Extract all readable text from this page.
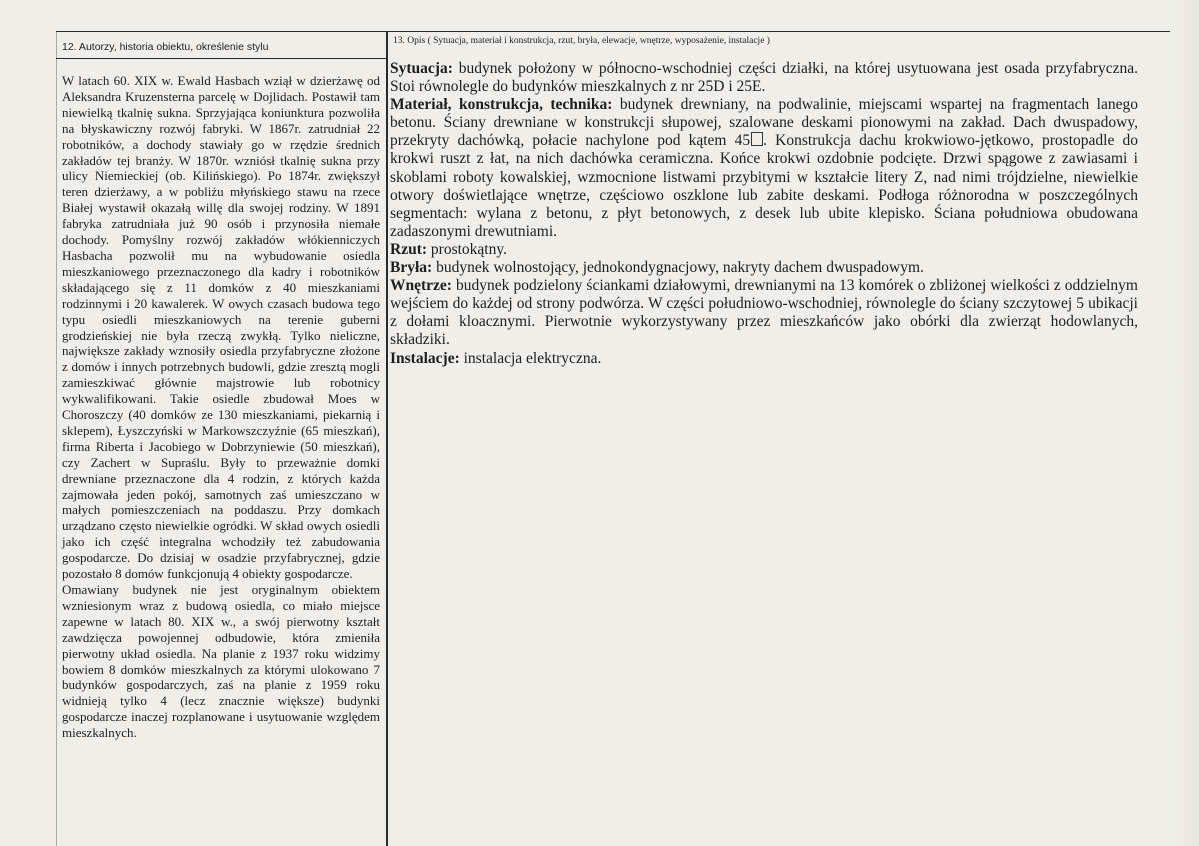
12. Autorzy, historia obiektu, określenie stylu	13. Opis ( Sytuacja, materiał i konstrukcja, rzut, bryła, elewacje, wnętrze, wyposażenie, instalacje )

W latach 60. XIX w. Ewald Hasbach wziął w dzierżawę od Aleksandra Kruzensterna parcelę w Dojlidach. Postawił tam niewielką tkalnię sukna. Sprzyjająca koniunktura pozwoliła na błyskawiczny rozwój fabryki. W 1867r. zatrudniał 22 robotników, a dochody stawiały go w rzędzie średnich zakładów tej branży. W 1870r. wzniósł tkalnię sukna przy ulicy Niemieckiej (ob. Kilińskiego). Po 1874r. zwiększył teren dzierżawy, a w pobliżu młyńskiego stawu na rzece Białej wystawił okazałą willę dla swojej rodziny. W 1891 fabryka zatrudniała już 90 osób i przynosiła niemałe dochody. Pomyślny rozwój zakładów włókienniczych Hasbacha pozwolił mu na wybudowanie osiedla mieszkaniowego przeznaczonego dla kadry i robotników składającego się z 11 domków z 40 mieszkaniami rodzinnymi i 20 kawalerek. W owych czasach budowa tego typu osiedli mieszkaniowych na terenie guberni grodzieńskiej nie była rzeczą zwykłą. Tylko nieliczne, największe zakłady wznosiły osiedla przyfabryczne złożone z domów i innych potrzebnych budowli, gdzie zresztą mogli zamieszkiwać głównie majstrowie lub robotnicy wykwalifikowani. Takie osiedle zbudował Moes w Choroszczy (40 domków ze 130 mieszkaniami, piekarnią i sklepem), Łyszczyński w Markowszczyźnie (65 mieszkań), firma Riberta i Jacobiego w Dobrzyniewie (50 mieszkań), czy Zachert w Supraślu. Były to przeważnie domki drewniane przeznaczone dla 4 rodzin, z których każda zajmowała jeden pokój, samotnych zaś umieszczano w małych pomieszczeniach na poddaszu. Przy domkach urządzano często niewielkie ogródki. W skład owych osiedli jako ich część integralna wchodziły też zabudowania gospodarcze. Do dzisiaj w osadzie przyfabrycznej, gdzie pozostało 8 domów funkcjonują 4 obiekty gospodarcze.

Omawiany budynek nie jest oryginalnym obiektem wzniesionym wraz z budową osiedla, co miało miejsce zapewne w latach 80. XIX w., a swój pierwotny kształt zawdzięcza powojennej odbudowie, która zmieniła pierwotny układ osiedla. Na planie z 1937 roku widzimy bowiem 8 domków mieszkalnych za którymi ulokowano 7 budynków gospodarczych, zaś na planie z 1959 roku widnieją tylko 4 (lecz znacznie większe) budynki gospodarcze inaczej rozplanowane i usytuowanie względem mieszkalnych.

Sytuacja: budynek położony w północno-wschodniej części działki, na której usytuowana jest osada przyfabryczna. Stoi równolegle do budynków mieszkalnych z nr 25D i 25E.

Materiał, konstrukcja, technika: budynek drewniany, na podwalinie, miejscami wspartej na fragmentach lanego betonu. Ściany drewniane w konstrukcji słupowej, szalowane deskami pionowymi na zakład. Dach dwuspadowy, przekryty dachówką, połacie nachylone pod kątem 45 . Konstrukcja dachu krokwiowo-jętkowo, prostopadle do krokwi ruszt z łat, na nich dachówka ceramiczna. Końce krokwi ozdobnie podcięte. Drzwi spągowe z zawiasami i skoblami roboty kowalskiej, wzmocnione listwami przybitymi w kształcie litery Z, nad nimi trójdzielne, niewielkie otwory doświetlające wnętrze, częściowo oszklone lub zabite deskami. Podłoga różnorodna w poszczególnych segmentach: wylana z betonu, z płyt betonowych, z desek lub ubite klepisko. Ściana południowa obudowana zadaszonymi drewutniami.

Rzut: prostokątny.

Bryła: budynek wolnostojący, jednokondygnacjowy, nakryty dachem dwuspadowym.

Wnętrze: budynek podzielony ściankami działowymi, drewnianymi na 13 komórek o zbliżonej wielkości z oddzielnym wejściem do każdej od strony podwórza. W części południowo-wschodniej, równolegle do ściany szczytowej 5 ubikacji z dołami kloacznymi. Pierwotnie wykorzystywany przez mieszkańców jako obórki dla zwierząt hodowlanych, składziki.

Instalacje: instalacja elektryczna.
